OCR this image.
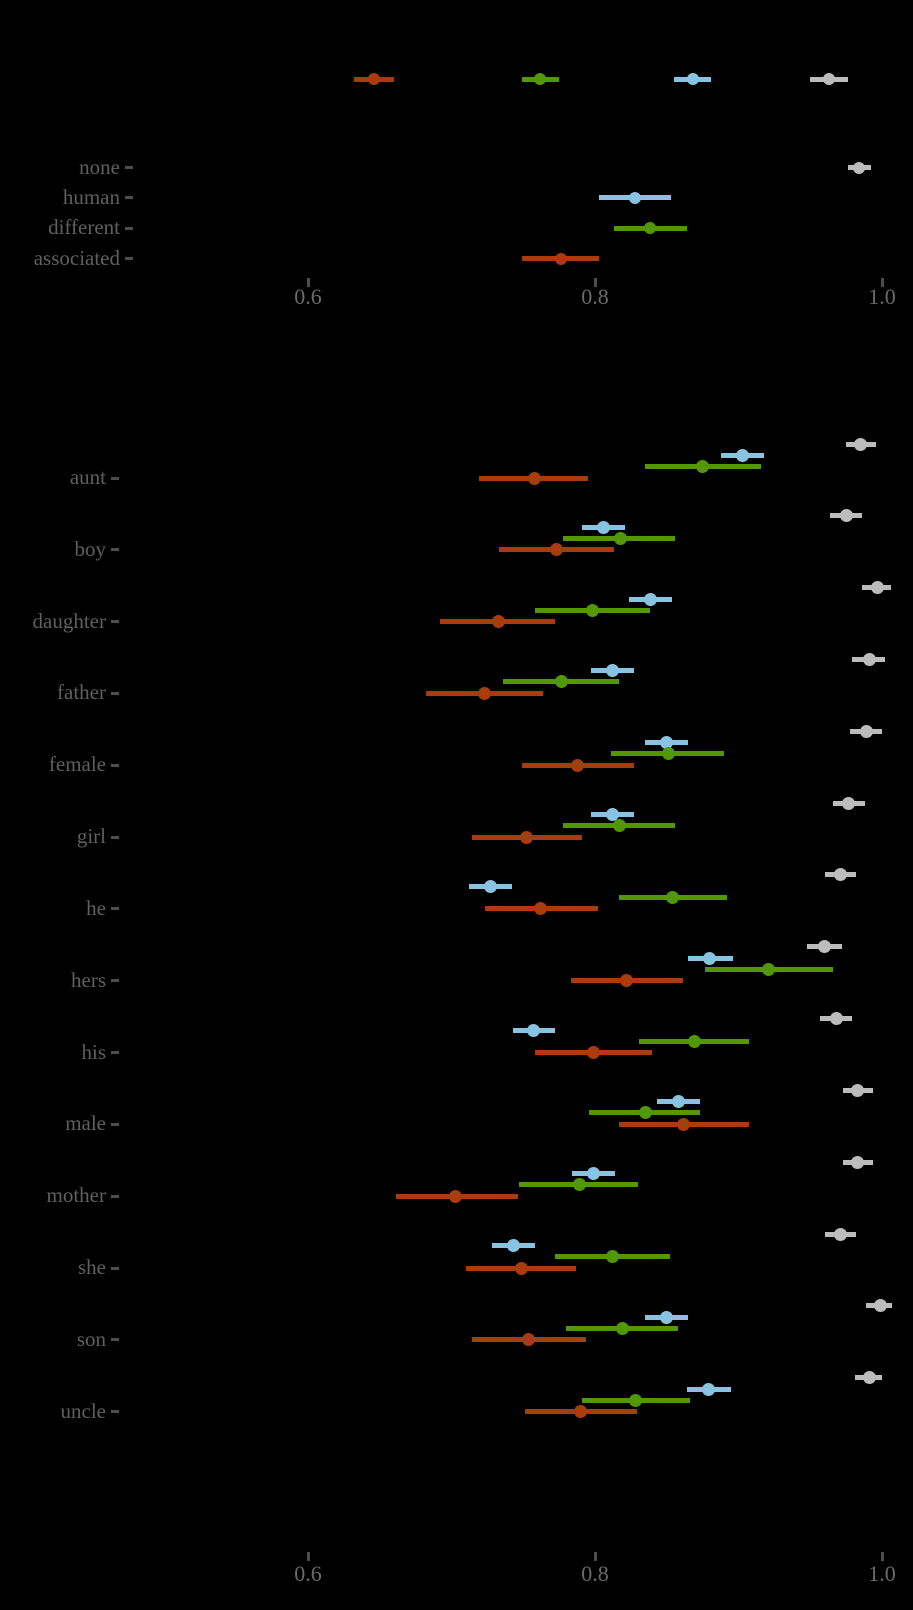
none
human
different
associated
0.6	0.8	1.0
aunt
boy
daughter
father
female
girl
he
hers
his
male
mother
she
son
uncle
0.6	0.8	1.0
